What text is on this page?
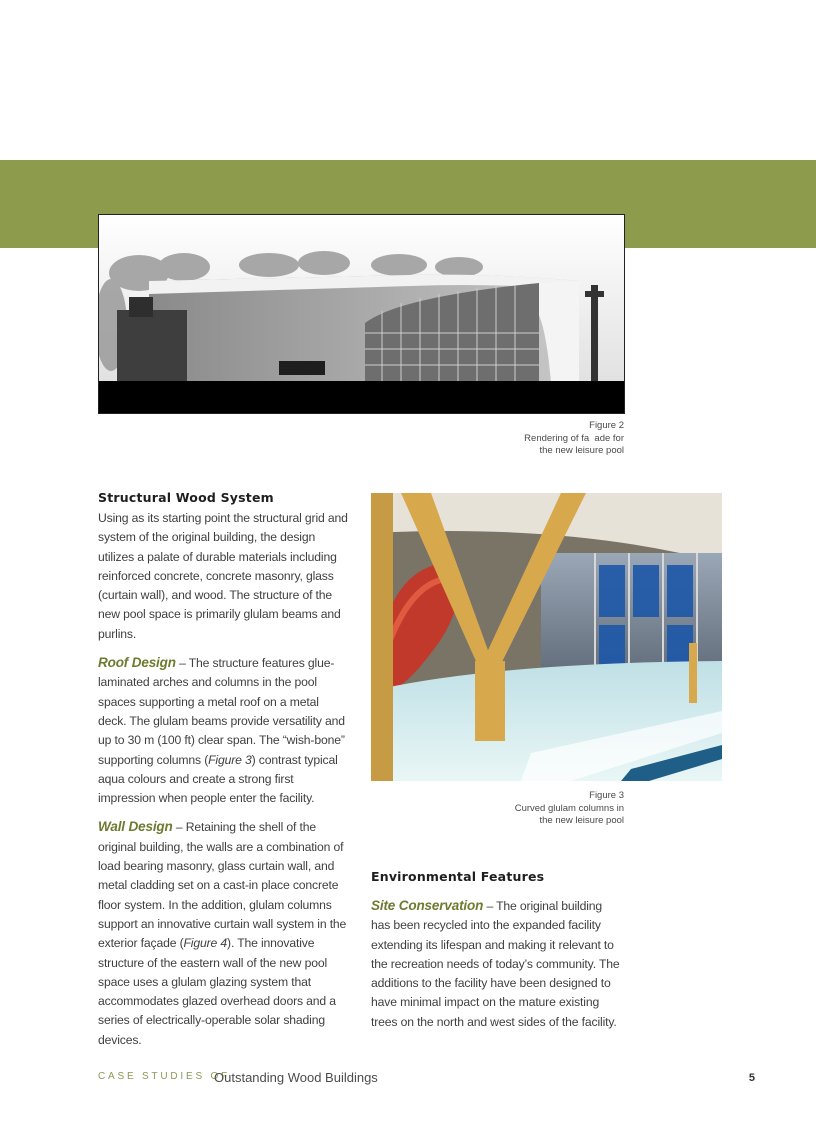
Figure 2
Rendering of fa  ade for
the new leisure pool
Structural Wood System

Using as its starting point the structural grid and system of the original building, the design utilizes a palate of durable materials including reinforced concrete, concrete masonry, glass (curtain wall), and wood. The structure of the new pool space is primarily glulam beams and purlins.

Roof Design – The structure features glue-laminated arches and columns in the pool spaces supporting a metal roof on a metal deck. The glulam beams provide versatility and up to 30 m (100 ft) clear span. The “wish-bone” supporting columns (Figure 3) contrast typical aqua colours and create a strong first impression when people enter the facility.

Wall Design – Retaining the shell of the original building, the walls are a combination of load bearing masonry, glass curtain wall, and metal cladding set on a cast-in place concrete floor system. In the addition, glulam columns support an innovative curtain wall system in the exterior façade (Figure 4). The innovative structure of the eastern wall of the new pool space uses a glulam glazing system that accommodates glazed overhead doors and a series of electrically-operable solar shading devices.

Figure 3
Curved glulam columns in
the new leisure pool
Environmental Features

Site Conservation – The original building has been recycled into the expanded facility extending its lifespan and making it relevant to the recreation needs of today’s community. The additions to the facility have been designed to have minimal impact on the mature existing trees on the north and west sides of the facility.

CASE STUDIES OF
Outstanding Wood Buildings	5
